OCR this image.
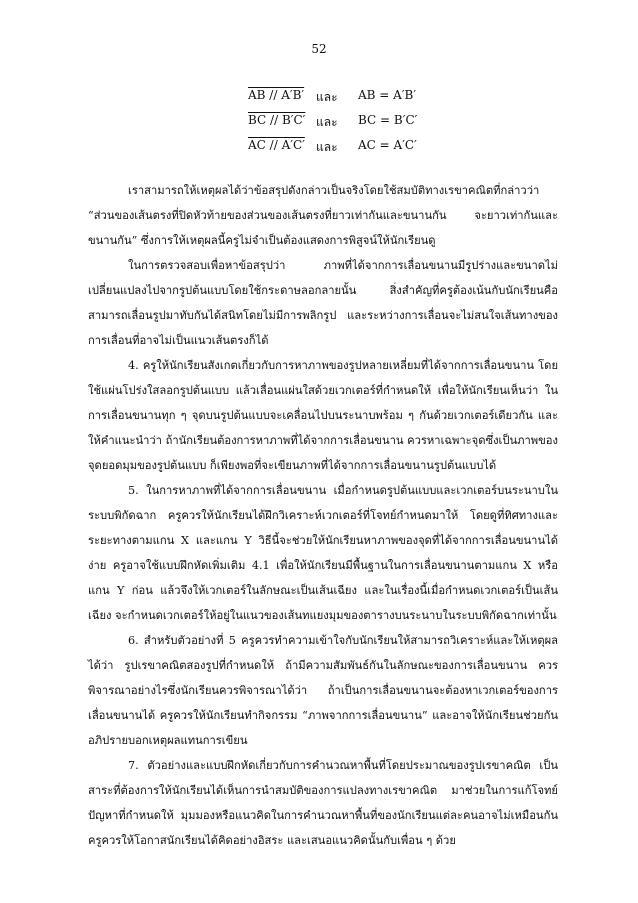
52
AB // A′B′ และ AB = A′B′
BC // B′C′ และ BC = B′C′
AC // A′C′ และ AC = A′C′

เราสามารถให้เหตุผลได้ว่าข้อสรุปดังกล่าวเป็นจริงโดยใช้สมบัติทางเรขาคณิตที่กล่าวว่า “ส่วนของเส้นตรงที่ปิดหัวท้ายของส่วนของเส้นตรงที่ยาวเท่ากันและขนานกัน จะยาวเท่ากันและขนานกัน” ซึ่งการให้เหตุผลนี้ครูไม่จำเป็นต้องแสดงการพิสูจน์ให้นักเรียนดู

ในการตรวจสอบเพื่อหาข้อสรุปว่า ภาพที่ได้จากการเลื่อนขนานมีรูปร่างและขนาดไม่เปลี่ยนแปลงไปจากรูปต้นแบบโดยใช้กระดาษลอกลายนั้น สิ่งสำคัญที่ครูต้องเน้นกับนักเรียนคือ สามารถเลื่อนรูปมาทับกันได้สนิทโดยไม่มีการพลิกรูป และระหว่างการเลื่อนจะไม่สนใจเส้นทางของการเลื่อนที่อาจไม่เป็นแนวเส้นตรงก็ได้

4. ครูให้นักเรียนสังเกตเกี่ยวกับการหาภาพของรูปหลายเหลี่ยมที่ได้จากการเลื่อนขนาน โดยใช้แผ่นโปร่งใสลอกรูปต้นแบบ แล้วเลื่อนแผ่นใสด้วยเวกเตอร์ที่กำหนดให้ เพื่อให้นักเรียนเห็นว่า ในการเลื่อนขนานทุก ๆ จุดบนรูปต้นแบบจะเคลื่อนไปบนระนาบพร้อม ๆ กันด้วยเวกเตอร์เดียวกัน และให้คำแนะนำว่า ถ้านักเรียนต้องการหาภาพที่ได้จากการเลื่อนขนาน ควรหาเฉพาะจุดซึ่งเป็นภาพของจุดยอดมุมของรูปต้นแบบ ก็เพียงพอที่จะเขียนภาพที่ได้จากการเลื่อนขนานรูปต้นแบบได้

5. ในการหาภาพที่ได้จากการเลื่อนขนาน เมื่อกำหนดรูปต้นแบบและเวกเตอร์บนระนาบในระบบพิกัดฉาก ครูควรให้นักเรียนได้ฝึกวิเคราะห์เวกเตอร์ที่โจทย์กำหนดมาให้ โดยดูที่ทิศทางและระยะทางตามแกน X และแกน Y วิธีนี้จะช่วยให้นักเรียนหาภาพของจุดที่ได้จากการเลื่อนขนานได้ง่าย ครูอาจใช้แบบฝึกหัดเพิ่มเติม 4.1 เพื่อให้นักเรียนมีพื้นฐานในการเลื่อนขนานตามแกน X หรือแกน Y ก่อน แล้วจึงให้เวกเตอร์ในลักษณะเป็นเส้นเฉียง และในเรื่องนี้เมื่อกำหนดเวกเตอร์เป็นเส้นเฉียง จะกำหนดเวกเตอร์ให้อยู่ในแนวของเส้นทแยงมุมของตารางบนระนาบในระบบพิกัดฉากเท่านั้น

6. สำหรับตัวอย่างที่ 5 ครูควรทำความเข้าใจกับนักเรียนให้สามารถวิเคราะห์และให้เหตุผลได้ว่า รูปเรขาคณิตสองรูปที่กำหนดให้ ถ้ามีความสัมพันธ์กันในลักษณะของการเลื่อนขนาน ควรพิจารณาอย่างไรซึ่งนักเรียนควรพิจารณาได้ว่า ถ้าเป็นการเลื่อนขนานจะต้องหาเวกเตอร์ของการเลื่อนขนานได้ ครูควรให้นักเรียนทำกิจกรรม “ภาพจากการเลื่อนขนาน” และอาจให้นักเรียนช่วยกันอภิปรายบอกเหตุผลแทนการเขียน

7. ตัวอย่างและแบบฝึกหัดเกี่ยวกับการคำนวณหาพื้นที่โดยประมาณของรูปเรขาคณิต เป็นสาระที่ต้องการให้นักเรียนได้เห็นการนำสมบัติของการแปลงทางเรขาคณิต มาช่วยในการแก้โจทย์ปัญหาที่กำหนดให้ มุมมองหรือแนวคิดในการคำนวณหาพื้นที่ของนักเรียนแต่ละคนอาจไม่เหมือนกัน ครูควรให้โอกาสนักเรียนได้คิดอย่างอิสระ และเสนอแนวคิดนั้นกับเพื่อน ๆ ด้วย
